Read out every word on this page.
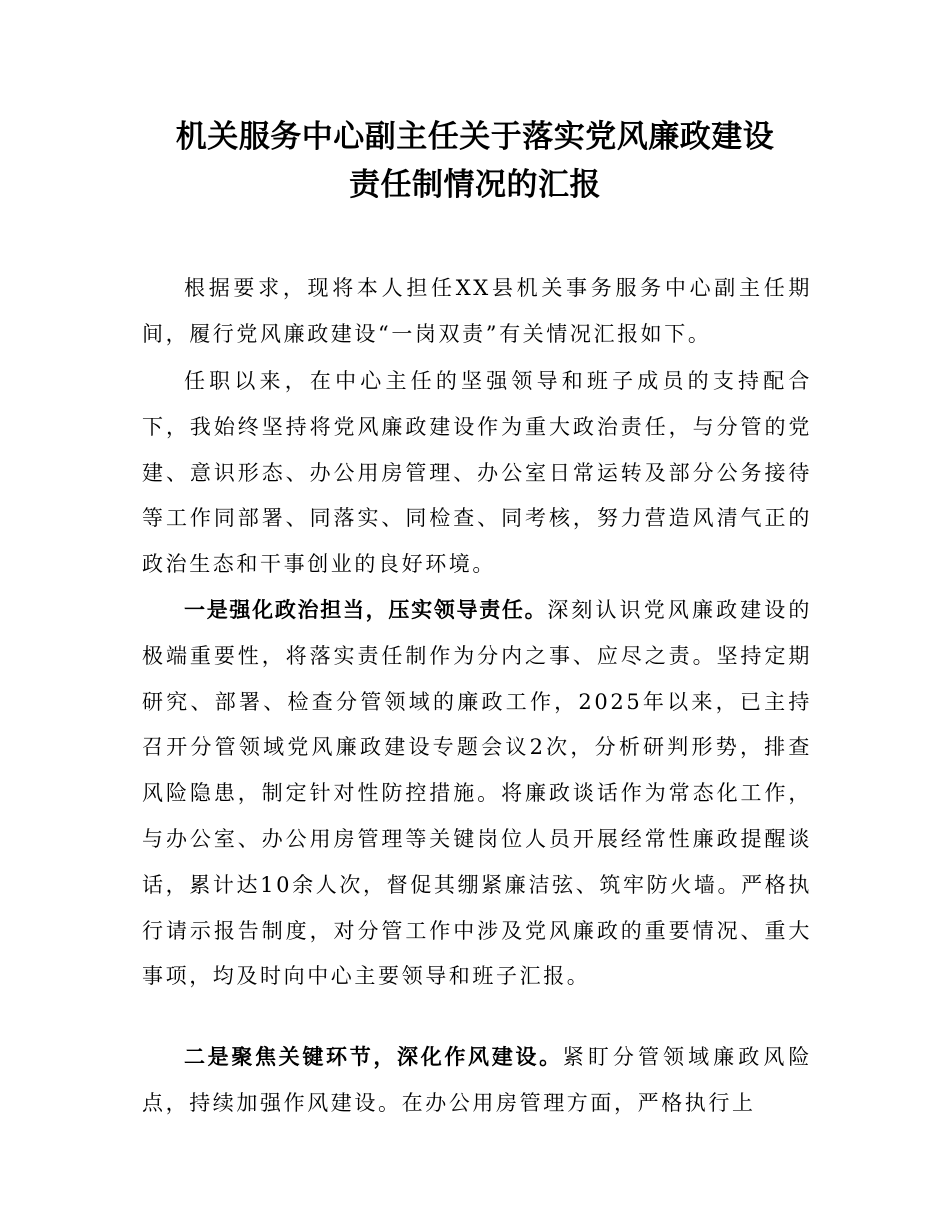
机关服务中心副主任关于落实党风廉政建设
责任制情况的汇报

根据要求，现将本人担任XX县机关事务服务中心副主任期间，履行党风廉政建设“一岗双责”有关情况汇报如下。

任职以来，在中心主任的坚强领导和班子成员的支持配合下，我始终坚持将党风廉政建设作为重大政治责任，与分管的党建、意识形态、办公用房管理、办公室日常运转及部分公务接待等工作同部署、同落实、同检查、同考核，努力营造风清气正的政治生态和干事创业的良好环境。

一是强化政治担当，压实领导责任。深刻认识党风廉政建设的极端重要性，将落实责任制作为分内之事、应尽之责。坚持定期研究、部署、检查分管领域的廉政工作，2025年以来，已主持召开分管领域党风廉政建设专题会议2次，分析研判形势，排查风险隐患，制定针对性防控措施。将廉政谈话作为常态化工作，与办公室、办公用房管理等关键岗位人员开展经常性廉政提醒谈话，累计达10余人次，督促其绷紧廉洁弦、筑牢防火墙。严格执行请示报告制度，对分管工作中涉及党风廉政的重要情况、重大事项，均及时向中心主要领导和班子汇报。

二是聚焦关键环节，深化作风建设。紧盯分管领域廉政风险点，持续加强作风建设。在办公用房管理方面，严格执行上
